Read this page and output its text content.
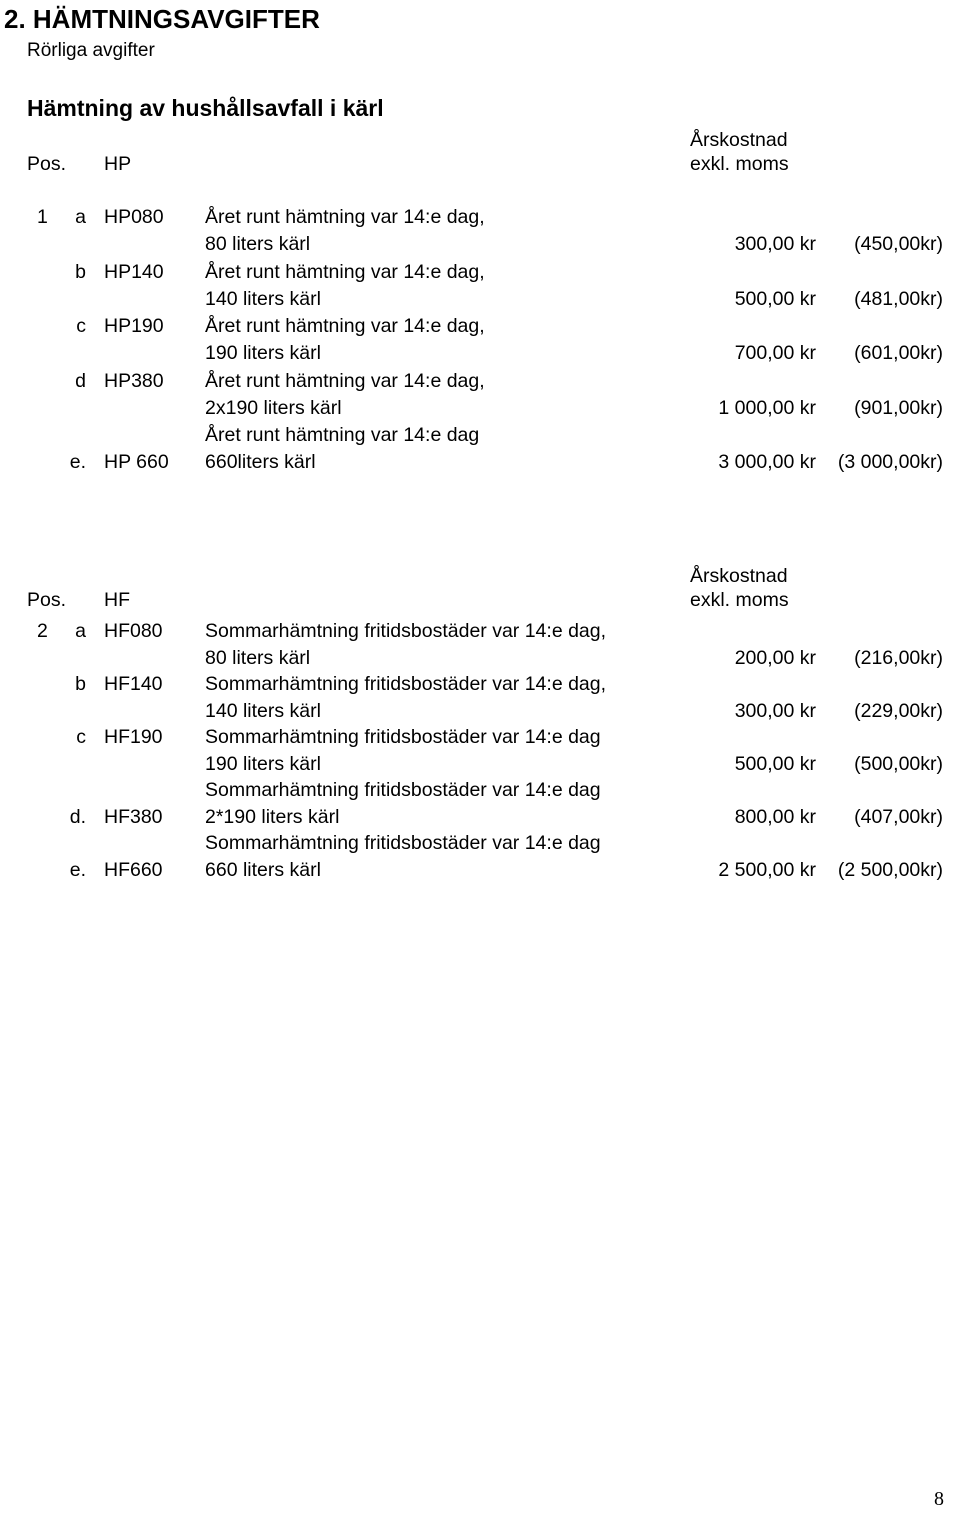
2. HÄMTNINGSAVGIFTER
Rörliga avgifter
Hämtning av hushållsavfall i kärl
Årskostnad
Pos. HP	exkl. moms
1	a HP080 Året runt hämtning var 14:e dag,
80 liters kärl	300,00 kr	(450,00kr)
b HP140 Året runt hämtning var 14:e dag,
140 liters kärl	500,00 kr	(481,00kr)
c HP190 Året runt hämtning var 14:e dag,
190 liters kärl	700,00 kr	(601,00kr)
d HP380 Året runt hämtning var 14:e dag,
2x190 liters kärl	1 000,00 kr	(901,00kr)
e. HP 660
Året runt hämtning var 14:e dag
660liters kärl	3 000,00 kr	(3 000,00kr)
Årskostnad
Pos. HF	exkl. moms
2	a HF080 Sommarhämtning fritidsbostäder var 14:e dag,
80 liters kärl	200,00 kr	(216,00kr)
b HF140 Sommarhämtning fritidsbostäder var 14:e dag,
140 liters kärl	300,00 kr	(229,00kr)
c HF190 Sommarhämtning fritidsbostäder var 14:e dag
190 liters kärl	500,00 kr	(500,00kr)
d. HF380
Sommarhämtning fritidsbostäder var 14:e dag
2*190 liters kärl	800,00 kr	(407,00kr)
e. HF660
Sommarhämtning fritidsbostäder var 14:e dag
660 liters kärl	2 500,00 kr	(2 500,00kr)
8
